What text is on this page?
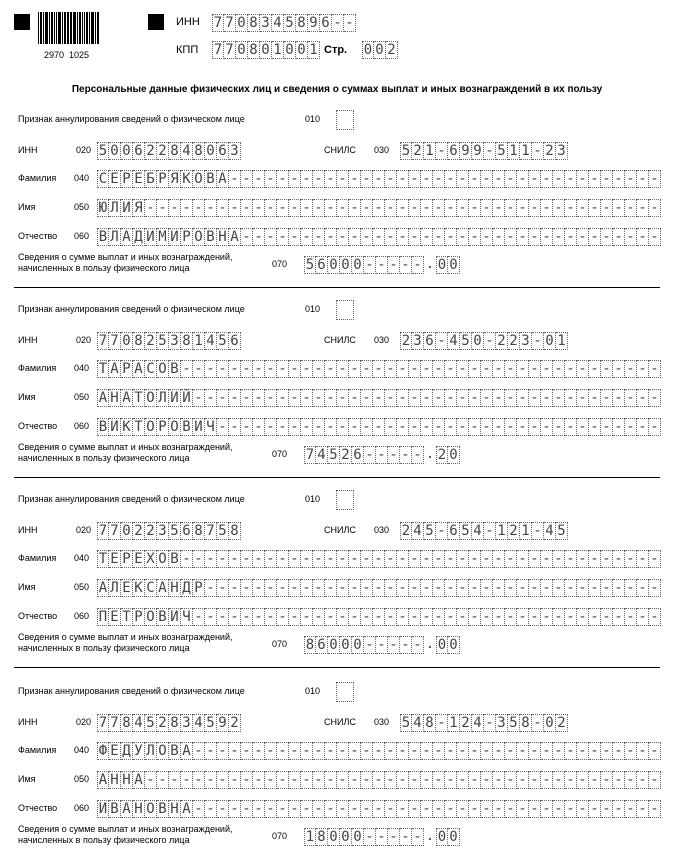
2970  1025
ИНН 7 7 0 8 3 4 5 8 9 6 - -
КПП 7 7 0 8 0 1 0 0 1 Стр. 0 0 2
Персональные данные физических лиц и сведения о суммах выплат и иных вознаграждений в их пользу
Признак аннулирования сведений о физическом лице	010
ИНН	020 5 0 0 6 2 2 8 4 8 0 6 3	СНИЛС 030 5 2 1 - 6 9 9 - 5 1 1 - 2 3
Фамилия 040 С Е Р Е Б Р Я К О В А - - - - - - - - - - - - - - - - - - - - - - - - - - - - - - - - - - - -
Имя	050 Ю Л И Я - - - - - - - - - - - - - - - - - - - - - - - - - - - - - - - - - - - - - - - - - - -
Отчество 060 В Л А Д И М И Р О В Н А - - - - - - - - - - - - - - - - - - - - - - - - - - - - - - - - - - -
Сведения о сумме выплат и иных вознаграждений,
начисленных в пользу физического лица	070 5 6 0 0 0 - - - - - . 0 0
Признак аннулирования сведений о физическом лице	010
ИНН	020 7 7 0 8 2 5 3 8 1 4 5 6	СНИЛС 030 2 3 6 - 4 5 0 - 2 2 3 - 0 1
Фамилия 040 Т А Р А С О В - - - - - - - - - - - - - - - - - - - - - - - - - - - - - - - - - - - - - - - -
Имя	050 А Н А Т О Л И Й - - - - - - - - - - - - - - - - - - - - - - - - - - - - - - - - - - - - - - -
Отчество 060 В И К Т О Р О В И Ч - - - - - - - - - - - - - - - - - - - - - - - - - - - - - - - - - - - - -
Сведения о сумме выплат и иных вознаграждений,
начисленных в пользу физического лица	070 7 4 5 2 6 - - - - - . 2 0
Признак аннулирования сведений о физическом лице	010
ИНН	020 7 7 0 2 2 3 5 6 8 7 5 8	СНИЛС 030 2 4 5 - 6 5 4 - 1 2 1 - 4 5
Фамилия 040 Т Е Р Е Х О В - - - - - - - - - - - - - - - - - - - - - - - - - - - - - - - - - - - - - - - -
Имя	050 А Л Е К С А Н Д Р - - - - - - - - - - - - - - - - - - - - - - - - - - - - - - - - - - - - - -
Отчество 060 П Е Т Р О В И Ч - - - - - - - - - - - - - - - - - - - - - - - - - - - - - - - - - - - - - - -
Сведения о сумме выплат и иных вознаграждений,
начисленных в пользу физического лица	070 8 6 0 0 0 - - - - - . 0 0
Признак аннулирования сведений о физическом лице	010
ИНН	020 7 7 8 4 5 2 8 3 4 5 9 2	СНИЛС 030 5 4 8 - 1 2 4 - 3 5 8 - 0 2
Фамилия 040 Ф Е Д У Л О В А - - - - - - - - - - - - - - - - - - - - - - - - - - - - - - - - - - - - - - -
Имя	050 А Н Н А - - - - - - - - - - - - - - - - - - - - - - - - - - - - - - - - - - - - - - - - - - -
Отчество 060 И В А Н О В Н А - - - - - - - - - - - - - - - - - - - - - - - - - - - - - - - - - - - - - - -
Сведения о сумме выплат и иных вознаграждений,
начисленных в пользу физического лица	070 1 8 0 0 0 - - - - - . 0 0
